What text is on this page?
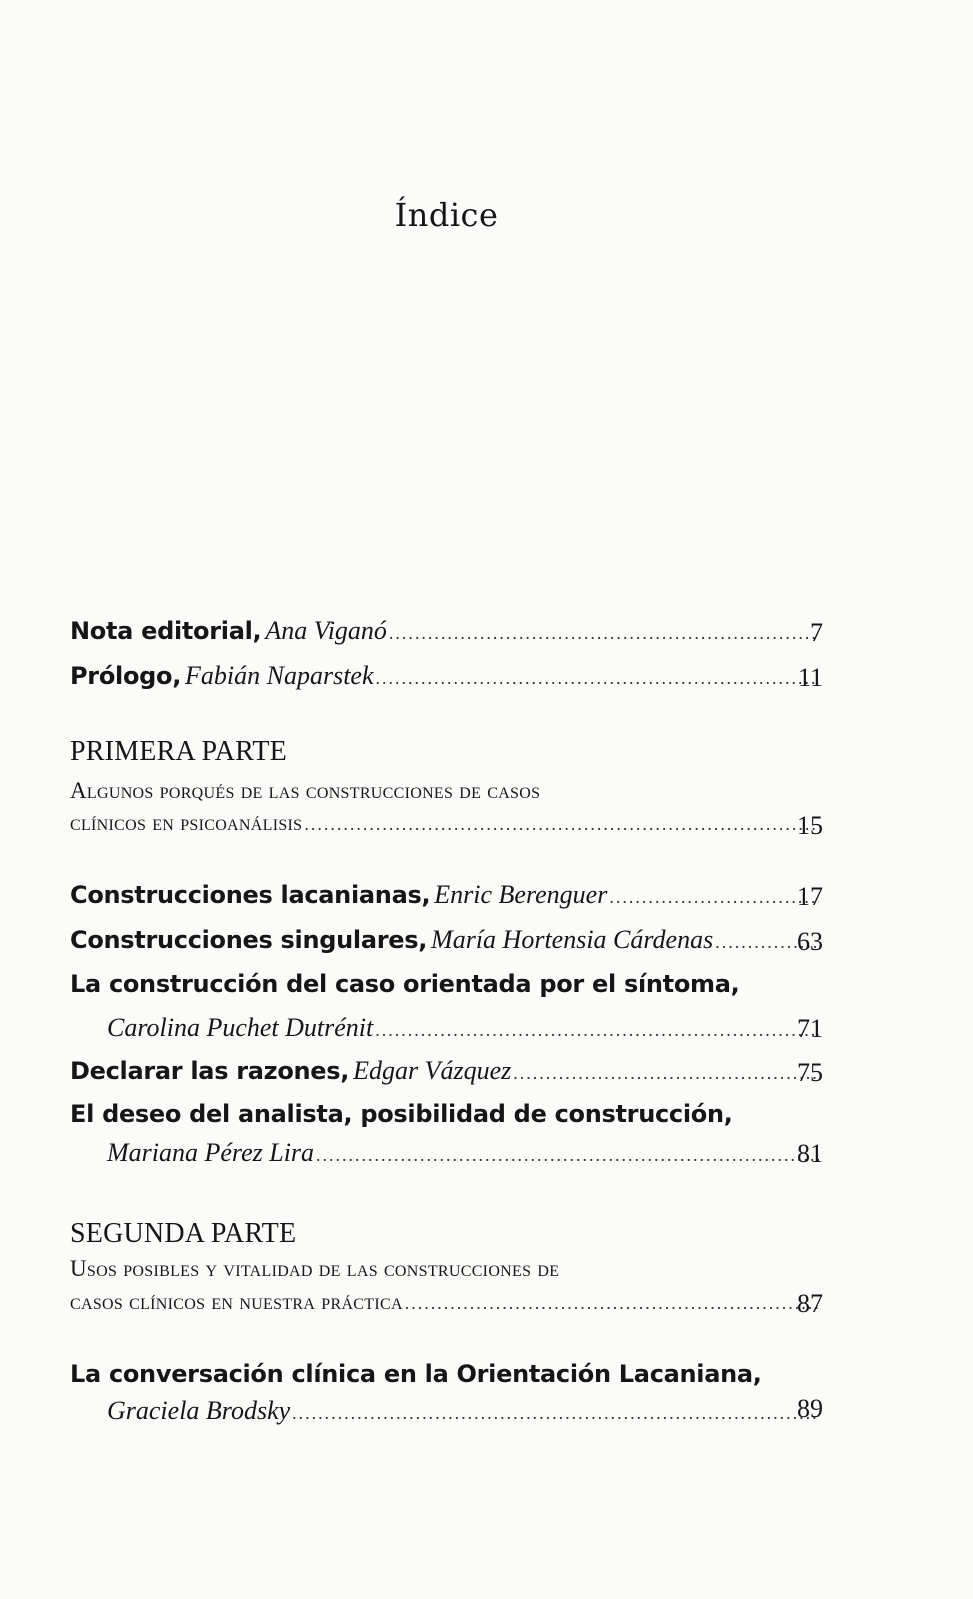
Índice
Nota editorial,
Ana Viganó .....	7
Prólogo,
Fabián Naparstek .....	11
PRIMERA PARTE
Algunos porqués de las construcciones de casos
clínicos en psicoanálisis .....	15
Construcciones lacanianas,
Enric Berenguer .....	17
Construcciones singulares,
María Hortensia Cárdenas .....	63
La construcción del caso orientada por el síntoma,
Carolina Puchet Dutrénit .....	71
Declarar las razones,
Edgar Vázquez .....	75
El deseo del analista, posibilidad de construcción,
Mariana Pérez Lira .....	81
SEGUNDA PARTE
Usos posibles y vitalidad de las construcciones de
casos clínicos en nuestra práctica .....	87
La conversación clínica en la Orientación Lacaniana,
Graciela Brodsky .....	89
